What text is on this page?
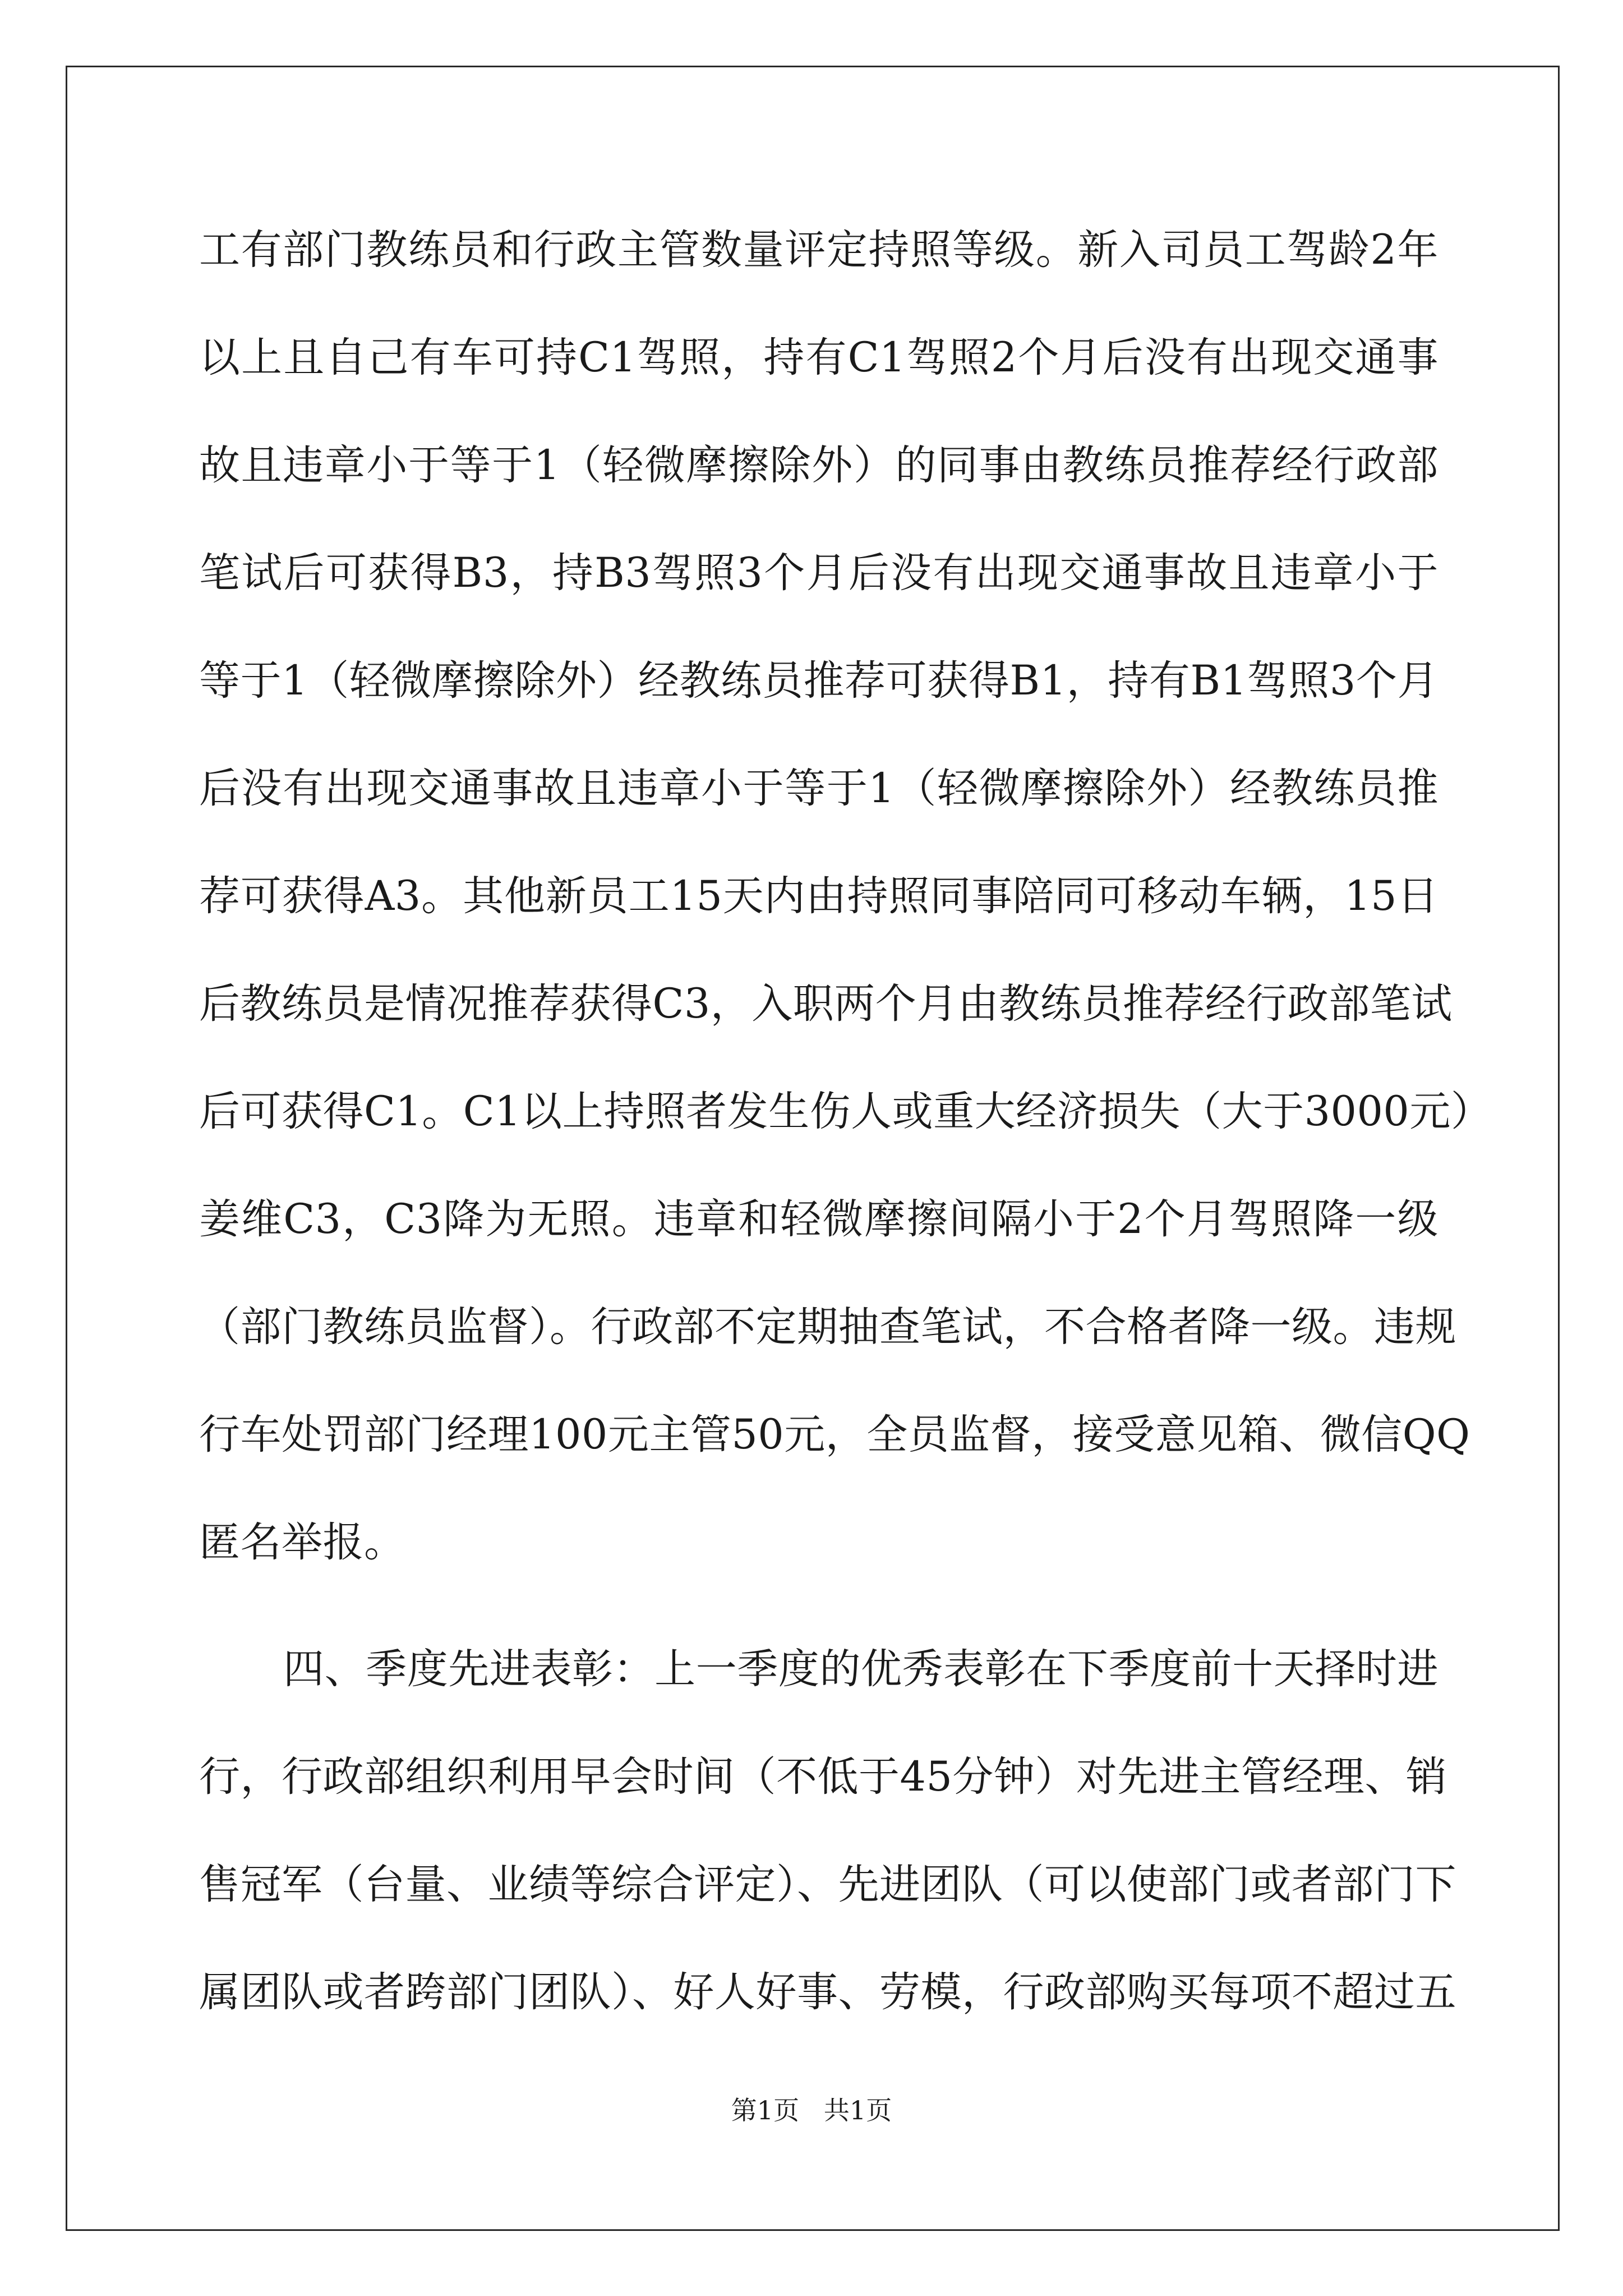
工有部门教练员和行政主管数量评定持照等级。新入司员工驾龄2年
以上且自己有车可持C1驾照，持有C1驾照2个月后没有出现交通事
故且违章小于等于1（轻微摩擦除外）的同事由教练员推荐经行政部
笔试后可获得B3，持B3驾照3个月后没有出现交通事故且违章小于
等于1（轻微摩擦除外）经教练员推荐可获得B1，持有B1驾照3个月
后没有出现交通事故且违章小于等于1（轻微摩擦除外）经教练员推
荐可获得A3。其他新员工15天内由持照同事陪同可移动车辆，15日
后教练员是情况推荐获得C3，入职两个月由教练员推荐经行政部笔试
后可获得C1。C1以上持照者发生伤人或重大经济损失（大于3000元）
姜维C3，C3降为无照。违章和轻微摩擦间隔小于2个月驾照降一级
（部门教练员监督）。行政部不定期抽查笔试，不合格者降一级。违规
行车处罚部门经理100元主管50元，全员监督，接受意见箱、微信QQ
匿名举报。
四、季度先进表彰：上一季度的优秀表彰在下季度前十天择时进
行，行政部组织利用早会时间（不低于45分钟）对先进主管经理、销
售冠军（台量、业绩等综合评定）、先进团队（可以使部门或者部门下
属团队或者跨部门团队）、好人好事、劳模，行政部购买每项不超过五
第1页   共1页
